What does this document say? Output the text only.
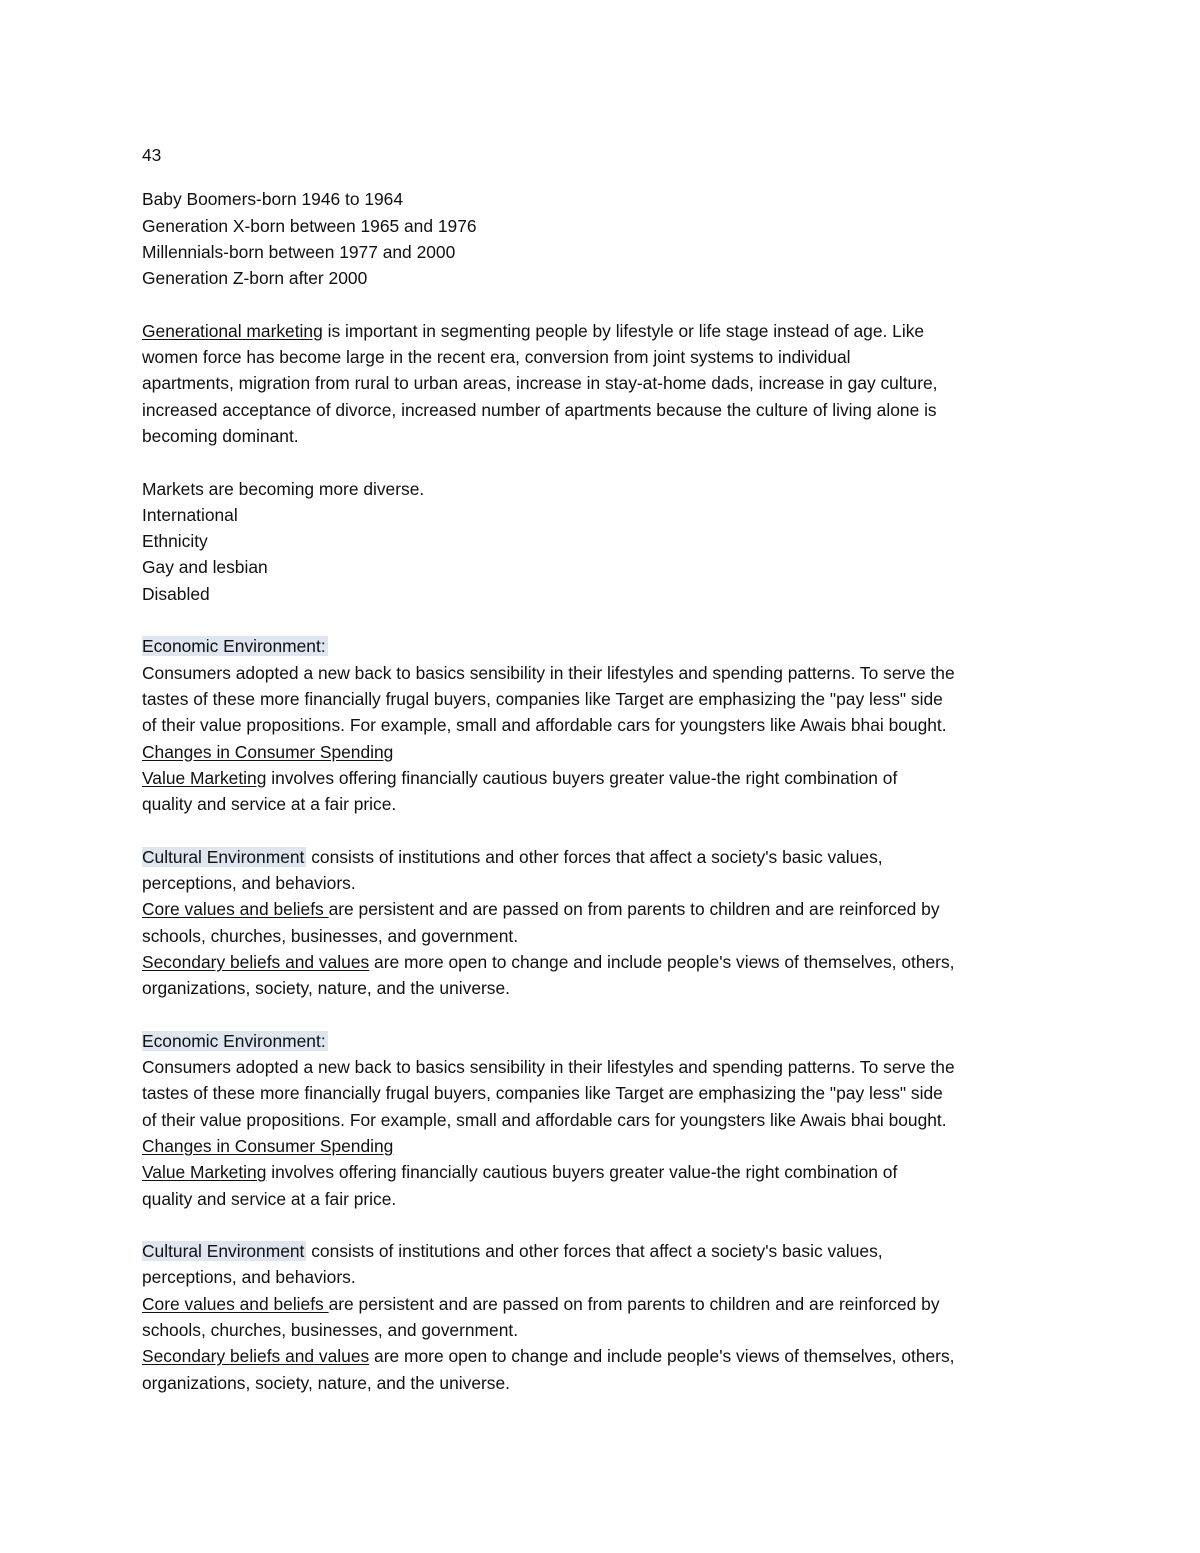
43
Baby Boomers-born 1946 to 1964
Generation X-born between 1965 and 1976
Millennials-born between 1977 and 2000
Generation Z-born after 2000
Generational marketing is important in segmenting people by lifestyle or life stage instead of age. Like
women force has become large in the recent era, conversion from joint systems to individual
apartments, migration from rural to urban areas, increase in stay-at-home dads, increase in gay culture,
increased acceptance of divorce, increased number of apartments because the culture of living alone is
becoming dominant.
Markets are becoming more diverse.
International
Ethnicity
Gay and lesbian
Disabled
Economic Environment:
Consumers adopted a new back to basics sensibility in their lifestyles and spending patterns. To serve the
tastes of these more financially frugal buyers, companies like Target are emphasizing the "pay less" side
of their value propositions. For example, small and affordable cars for youngsters like Awais bhai bought.
Changes in Consumer Spending
Value Marketing involves offering financially cautious buyers greater value-the right combination of
quality and service at a fair price.
Cultural Environment consists of institutions and other forces that affect a society's basic values,
perceptions, and behaviors.
Core values and beliefs are persistent and are passed on from parents to children and are reinforced by
schools, churches, businesses, and government.
Secondary beliefs and values are more open to change and include people's views of themselves, others,
organizations, society, nature, and the universe.
Economic Environment:
Consumers adopted a new back to basics sensibility in their lifestyles and spending patterns. To serve the
tastes of these more financially frugal buyers, companies like Target are emphasizing the "pay less" side
of their value propositions. For example, small and affordable cars for youngsters like Awais bhai bought.
Changes in Consumer Spending
Value Marketing involves offering financially cautious buyers greater value-the right combination of
quality and service at a fair price.
Cultural Environment consists of institutions and other forces that affect a society's basic values,
perceptions, and behaviors.
Core values and beliefs are persistent and are passed on from parents to children and are reinforced by
schools, churches, businesses, and government.
Secondary beliefs and values are more open to change and include people's views of themselves, others,
organizations, society, nature, and the universe.
